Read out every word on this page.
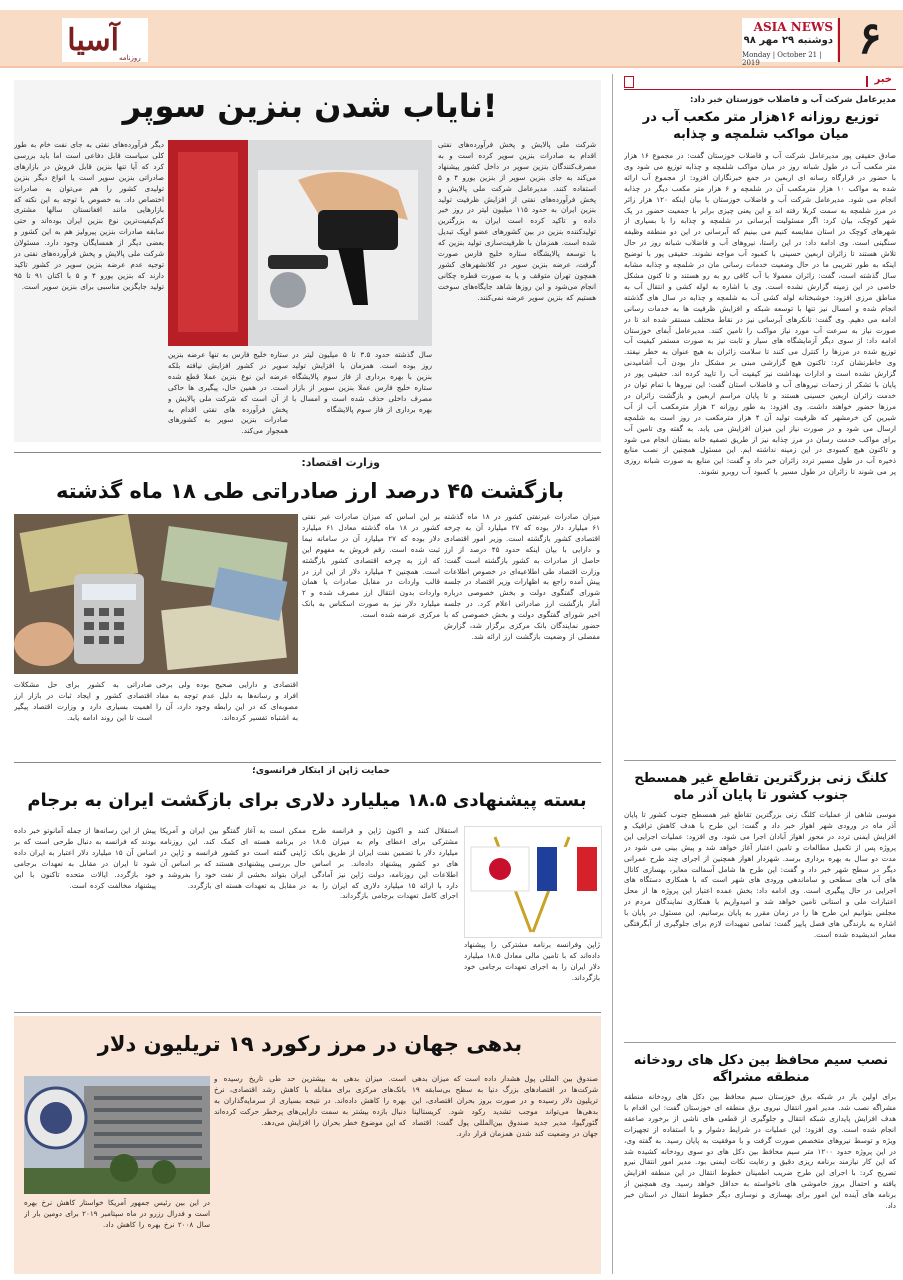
آسیا
روزنامه
ASIA NEWS
دوشنبه ۲۹ مهر ۹۸
Monday | October 21 | 2019	۶
خبر
مدیرعامل شرکت آب و فاضلاب خوزستان خبر داد:
توزیع روزانه ۱۶هزار متر مکعب آب در میان مواکب شلمچه و چذابه
صادق حقیقی پور مدیرعامل شرکت آب و فاضلاب خوزستان گفت: در مجموع ۱۶ هزار متر مکعب آب در طول شبانه روز در میان مواکب شلمچه و چذابه توزیع می شود وی با حضور در قرارگاه رسانه ای اربعین در جمع خبرنگاران افزود: از مجموع آب ارائه شده به مواکب ۱۰ هزار مترمکعب آن در شلمچه و ۶ هزار متر مکعب دیگر در چذابه انجام می شود. مدیرعامل شرکت آب و فاضلاب خوزستان با بیان اینکه ۱۲۰ هزار زائر در مرز شلمچه به سمت کربلا رفته اند و این یعنی چیزی برابر با جمعیت حضور در یک شهر کوچک، بیان کرد: اگر مسئولیت آبرسانی در شلمچه و چذابه را با بسیاری از شهرهای کوچک در استان مقایسه کنیم می بینیم که آبرسانی در این دو منطقه وظیفه سنگینی است. وی ادامه داد: در این راستا، نیروهای آب و فاضلاب شبانه روز در حال تلاش هستند تا زائران اربعین حسینی با کمبود آب مواجه نشوند. حقیقی پور با توضیح اینکه به طور تقریبی ما در حال وضعیت خدمات رسانی مان در شلمچه و چذابه مشابه سال گذشته است، گفت: زائران معمولا با آب کافی رو به رو هستند و تا کنون مشکل خاصی در این زمینه گزارش نشده است. وی با اشاره به لوله کشی و انتقال آب به مناطق مرزی افزود: خوشبختانه لوله کشی آب به شلمچه و چذابه در سال های گذشته انجام شده و امسال نیز تنها با توسعه شبکه و افزایش ظرفیت ها به خدمات رسانی ادامه می دهیم. وی گفت: تانکرهای آبرسانی نیز در نقاط مختلف مستقر شده اند تا در صورت نیاز به سرعت آب مورد نیاز مواکب را تامین کنند. مدیرعامل آبفای خوزستان ادامه داد: از سوی دیگر آزمایشگاه های سیار و ثابت نیز به صورت مستمر کیفیت آب توزیع شده در مرزها را کنترل می کنند تا سلامت زائران به هیچ عنوان به خطر نیفتد. وی خاطرنشان کرد: تاکنون هیچ گزارشی مبنی بر مشکل دار بودن آب آشامیدنی گزارش نشده است و ادارات بهداشت نیز کیفیت آب را تایید کرده اند. حقیقی پور در پایان با تشکر از زحمات نیروهای آب و فاضلاب استان گفت: این نیروها با تمام توان در خدمت زائران اربعین حسینی هستند و تا پایان مراسم اربعین و بازگشت زائران در مرزها حضور خواهند داشت. وی افزود: به طور روزانه ۲ هزار مترمکعب آب از آب شیرین کن خرمشهر که ظرفیت تولید آن ۴ هزار مترمکعب در روز است به شلمچه ارسال می شود و در صورت نیاز این میزان افزایش می یابد. به گفته وی تامین آب برای مواکب خدمت رسان در مرز چذابه نیز از طریق تصفیه خانه بستان انجام می شود و تاکنون هیچ کمبودی در این زمینه نداشته ایم. این مسئول همچنین از نصب منابع ذخیره آب در طول مسیر تردد زائران خبر داد و گفت: این منابع به صورت شبانه روزی پر می شوند تا زائران در طول مسیر با کمبود آب روبرو نشوند.
کلنگ زنی بزرگترین تقاطع غیر همسطح جنوب کشور تا پایان آذر ماه
موسی شاهی از عملیات کلنگ زنی بزرگترین تقاطع غیر همسطح جنوب کشور تا پایان آذر ماه در ورودی شهر اهواز خبر داد و گفت: این طرح با هدف کاهش ترافیک و افزایش ایمنی تردد در محور اهواز آبادان اجرا می شود. وی افزود: عملیات اجرایی این پروژه پس از تکمیل مطالعات و تامین اعتبار آغاز خواهد شد و پیش بینی می شود در مدت دو سال به بهره برداری برسد. شهردار اهواز همچنین از اجرای چند طرح عمرانی دیگر در سطح شهر خبر داد و گفت: این طرح ها شامل آسفالت معابر، بهسازی کانال های آب های سطحی و ساماندهی ورودی های شهر است که با همکاری دستگاه های اجرایی در حال پیگیری است. وی ادامه داد: بخش عمده اعتبار این پروژه ها از محل اعتبارات ملی و استانی تامین خواهد شد و امیدواریم با همکاری نمایندگان مردم در مجلس بتوانیم این طرح ها را در زمان مقرر به پایان برسانیم. این مسئول در پایان با اشاره به بارندگی های فصل پاییز گفت: تمامی تمهیدات لازم برای جلوگیری از آبگرفتگی معابر اندیشیده شده است.
نصب سیم محافظ بین دکل های رودخانه منطقه مشراگه
برای اولین بار در شبکه برق خوزستان سیم محافظ بین دکل های رودخانه منطقه مشراگه نصب شد. مدیر امور انتقال نیروی برق منطقه ای خوزستان گفت: این اقدام با هدف افزایش پایداری شبکه انتقال و جلوگیری از قطعی های ناشی از برخورد صاعقه انجام شده است. وی افزود: این عملیات در شرایط دشوار و با استفاده از تجهیزات ویژه و توسط نیروهای متخصص صورت گرفت و با موفقیت به پایان رسید. به گفته وی، در این پروژه حدود ۱۲۰۰ متر سیم محافظ بین دکل های دو سوی رودخانه کشیده شد که این کار نیازمند برنامه ریزی دقیق و رعایت نکات ایمنی بود. مدیر امور انتقال نیرو تصریح کرد: با اجرای این طرح ضریب اطمینان خطوط انتقال در این منطقه افزایش یافته و احتمال بروز خاموشی های ناخواسته به حداقل خواهد رسید. وی همچنین از برنامه های آینده این امور برای بهسازی و نوسازی دیگر خطوط انتقال در استان خبر داد.
نایاب شدن بنزین سوپر!
شرکت ملی پالایش و پخش فرآورده‌های نفتی اقدام به صادرات بنزین سوپر کرده است و به مصرف‌کنندگان بنزین سوپر در داخل کشور پیشنهاد می‌کند به جای بنزین سوپر از بنزین یورو ۴ و ۵ استفاده کنند. مدیرعامل شرکت ملی پالایش و پخش فرآورده‌های نفتی از افزایش ظرفیت تولید بنزین ایران به حدود ۱۱۵ میلیون لیتر در روز خبر داده و تاکید کرده است ایران به بزرگترین تولیدکننده بنزین در بین کشورهای عضو اوپک تبدیل شده است. همزمان با ظرفیت‌سازی تولید بنزین که با توسعه پالایشگاه ستاره خلیج فارس صورت گرفت، عرضه بنزین سوپر در کلانشهرهای کشور همچون تهران متوقف و یا به صورت قطره چکانی انجام می‌شود و این روزها شاهد جایگاه‌های سوخت هستیم که بنزین سوپر عرضه نمی‌کنند.
دیگر فرآورده‌های نفتی به جای نفت خام به طور کلی سیاست قابل دفاعی است اما باید بررسی کرد که آیا تنها بنزین قابل فروش در بازارهای صادراتی بنزین سوپر است یا انواع دیگر بنزین تولیدی کشور را هم می‌توان به صادرات اختصاص داد. به خصوص با توجه به این نکته که بازارهایی مانند افغانستان سالها مشتری کم‌کیفیت‌ترین نوع بنزین ایران بوده‌اند و حتی سابقه صادرات بنزین پیرولیز هم به این کشور و بعضی دیگر از همسایگان وجود دارد. مسئولان شرکت ملی پالایش و پخش فرآورده‌های نفتی در توجیه عدم عرضه بنزین سوپر در کشور تاکید دارند که بنزین یورو ۴ و ۵ با اکتان ۹۱ تا ۹۵ تولید جایگزین مناسبی برای بنزین سوپر است.
سال گذشته حدود ۳.۵ تا ۵ میلیون لیتر در روز بوده است. همزمان با افزایش تولید بنزین با بهره برداری از فاز سوم پالایشگاه ستاره خلیج فارس عملا بنزین سوپر از بازار مصرف داخلی حذف شده است و امسال با بهره برداری از فاز سوم پالایشگاه
ستاره خلیج فارس به تنها عرضه بنزین سوپر در کشور افزایش نیافته بلکه عرضه این نوع بنزین عملا قطع شده است. در همین حال، پیگیری ها حاکی از آن است که شرکت ملی پالایش و پخش فرآورده های نفتی اقدام به صادرات بنزین سوپر به کشورهای همجوار می‌کند.
وزارت اقتصاد:
بازگشت ۴۵ درصد ارز صادراتی طی ۱۸ ماه گذشته
میزان صادرات غیرنفتی کشور در ۱۸ ماه گذشته ۶۱ میلیارد دلار بوده که ۲۷ میلیارد آن به چرخه اقتصادی کشور بازگشته است. وزیر امور اقتصادی و دارایی با بیان اینکه حدود ۴۵ درصد از ارز حاصل از صادرات به کشور بازگشته است گفت: وزارت اقتصاد طی اطلاعیه‌ای در خصوص اطلاعات پیش آمده راجع به اظهارات وزیر اقتصاد در جلسه شورای گفتگوی دولت و بخش خصوصی درباره آمار بازگشت ارز صادراتی اعلام کرد. در جلسه اخیر شورای گفتگوی دولت و بخش خصوصی که با حضور نمایندگان بانک مرکزی برگزار شد، گزارش مفصلی از وضعیت بازگشت ارز ارائه شد.
بر این اساس که میزان صادرات غیر نفتی کشور در ۱۸ ماه گذشته معادل ۶۱ میلیارد دلار بوده که ۲۷ میلیارد آن در سامانه نیما ثبت شده است. رقم فروش به مفهوم این که ارز به چرخه اقتصادی کشور بازگشته است. همچنین ۴ میلیارد دلار از این ارز در قالب واردات در مقابل صادرات یا همان واردات بدون انتقال ارز مصرف شده و ۲ میلیارد دلار نیز به صورت اسکناس به بانک مرکزی عرضه شده است.
اقتصادی و دارایی صحیح بوده ولی برخی افراد و رسانه‌ها به دلیل عدم توجه به مفاد مصوبه‌ای که در این رابطه وجود دارد، آن را به اشتباه تفسیر کرده‌اند.
صادراتی به کشور برای حل مشکلات اقتصادی کشور و ایجاد ثبات در بازار ارز اهمیت بسیاری دارد و وزارت اقتصاد پیگیر است تا این روند ادامه یابد.
حمایت ژاپن از ابتکار فرانسوی؛
بسته پیشنهادی ۱۸.۵ میلیارد دلاری برای بازگشت ایران به برجام
ژاپن وفرانسه برنامه مشترکی را پیشنهاد داده‌اند که با تامین مالی معادل ۱۸.۵ میلیارد دلار ایران را به اجرای تعهدات برجامی خود بازگرداند.
استقلال کنند و اکنون ژاپن و فرانسه طرح مشترکی برای اعطای وام به میزان ۱۸.۵ میلیارد دلار با تضمین نفت ایران از طریق بانک های دو کشور پیشنهاد داده‌اند. بر اساس اطلاعات این روزنامه، دولت ژاپن نیز آمادگی دارد با ارائه ۱۵ میلیارد دلاری که ایران را به اجرای کامل تعهدات برجامی بازگرداند.
ممکن است به آغاز گفتگو بین ایران و آمریکا در برنامه هسته ای کمک کند. این روزنامه ژاپنی گفته است دو کشور فرانسه و ژاپن در حال بررسی پیشنهادی هستند که بر اساس آن ایران بتواند بخشی از نفت خود را بفروشد و در مقابل به تعهدات هسته ای بازگردد.
پیش از این رسانه‌ها از جمله آمانوتو خبر داده بودند که فرانسه به دنبال طرحی است که بر اساس آن ۱۵ میلیارد دلار اعتبار به ایران داده شود تا ایران در مقابل به تعهدات برجامی خود بازگردد. ایالات متحده تاکنون با این پیشنهاد مخالفت کرده است.
بدهی جهان در مرز رکورد ۱۹ تریلیون دلار
صندوق بین المللی پول هشدار داده است که میزان بدهی شرکت‌ها در اقتصادهای بزرگ دنیا به سطح بی‌سابقه ۱۹ تریلیون دلار رسیده و در صورت بروز بحران اقتصادی، این بدهی‌ها می‌تواند موجب تشدید رکود شود. کریستالینا گئورگیوا، مدیر جدید صندوق بین‌المللی پول گفت: اقتصاد جهان در وضعیت کند شدن همزمان قرار دارد.
است. میزان بدهی به بیشترین حد طی تاریخ رسیده و بانک‌های مرکزی برای مقابله با کاهش رشد اقتصادی، نرخ بهره را کاهش داده‌اند. در نتیجه بسیاری از سرمایه‌گذاران به دنبال بازده بیشتر به سمت دارایی‌های پرخطر حرکت کرده‌اند که این موضوع خطر بحران را افزایش می‌دهد.
در این بین رئیس جمهور آمریکا خواستار کاهش نرخ بهره است و فدرال رزرو در ماه سپتامبر ۲۰۱۹ برای دومین بار از سال ۲۰۰۸ نرخ بهره را کاهش داد.
